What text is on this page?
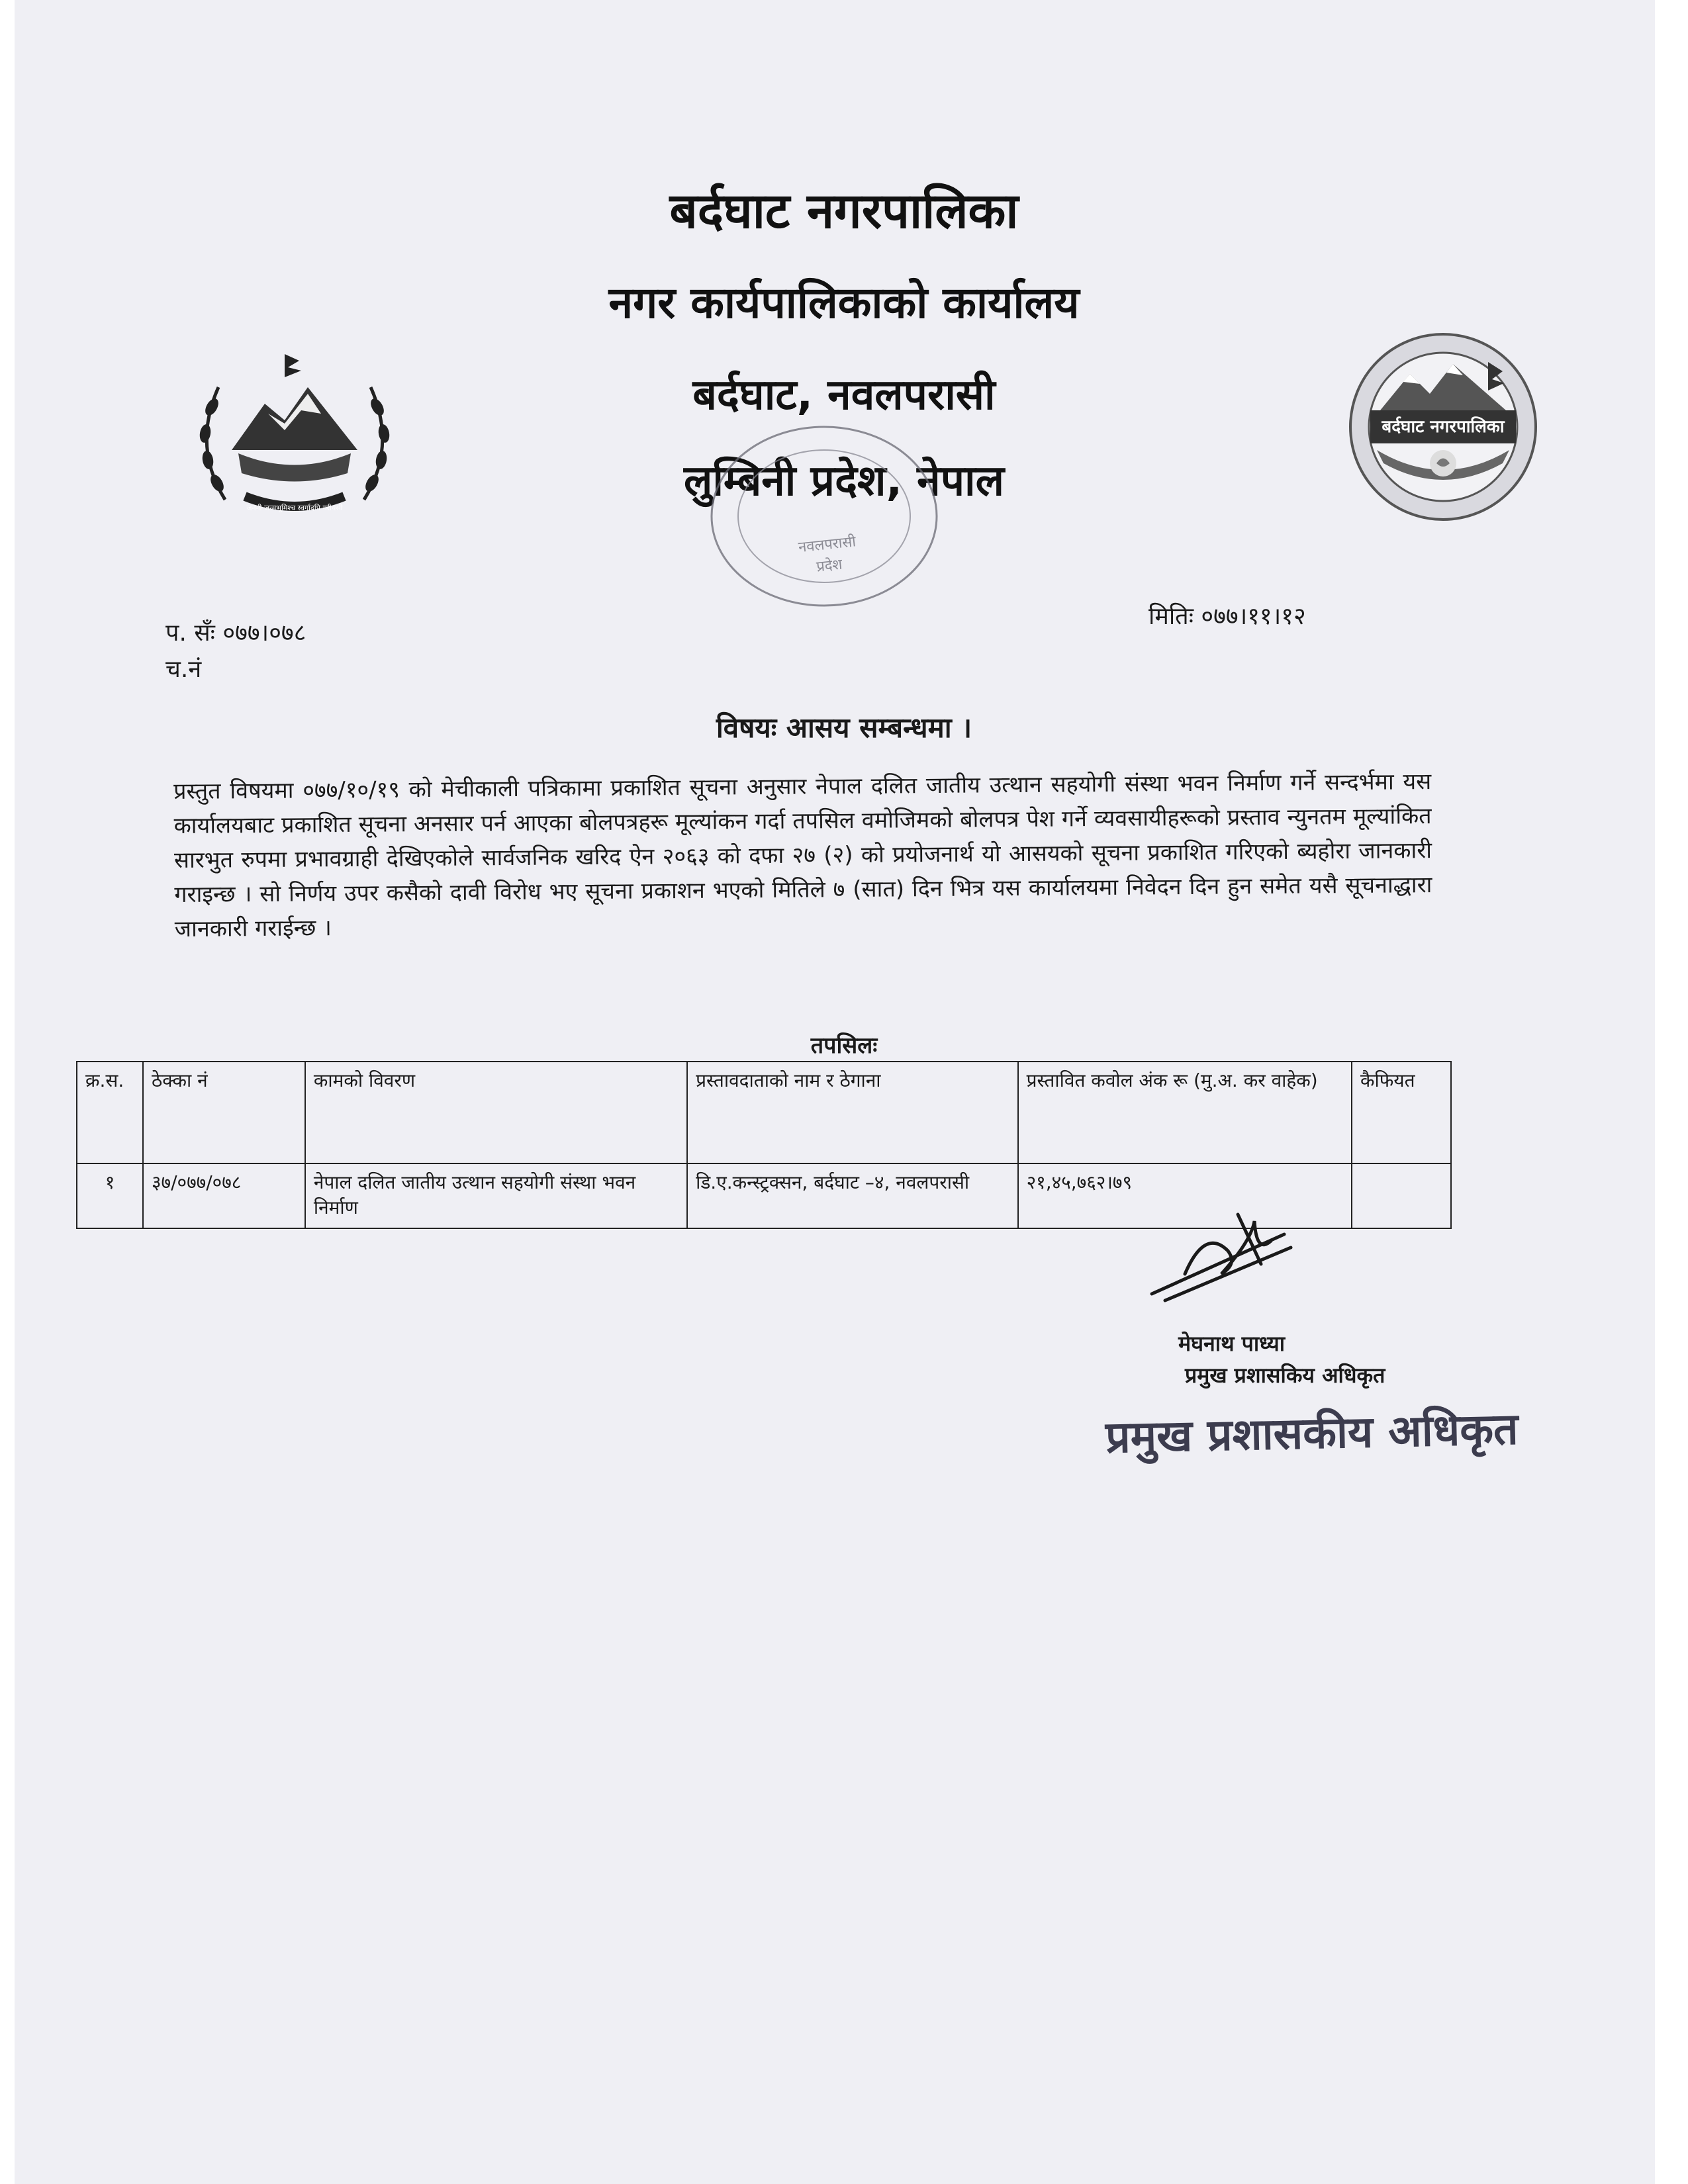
बर्दघाट नगरपालिका
नगर कार्यपालिकाको कार्यालय
बर्दघाट, नवलपरासी
लुम्बिनी प्रदेश, नेपाल
जननी जन्मभूमिश्च स्वर्गादपि गरीयसी
बर्दघाट नगरपालिका
नवलपरासी
प्रदेश
प. सँः ०७७।०७८
च.नं
मितिः ०७७।११।१२
विषयः आसय सम्बन्धमा ।

प्रस्तुत विषयमा ०७७/१०/१९ को मेचीकाली पत्रिकामा प्रकाशित सूचना अनुसार नेपाल दलित जातीय उत्थान सहयोगी संस्था भवन निर्माण गर्ने सन्दर्भमा यस कार्यालयबाट प्रकाशित सूचना अनसार पर्न आएका बोलपत्रहरू मूल्यांकन गर्दा तपसिल वमोजिमको बोलपत्र पेश गर्ने व्यवसायीहरूको प्रस्ताव न्युनतम मूल्यांकित सारभुत रुपमा प्रभावग्राही देखिएकोले सार्वजनिक खरिद ऐन २०६३ को दफा २७ (२) को प्रयोजनार्थ यो आसयको सूचना प्रकाशित गरिएको ब्यहोरा जानकारी गराइन्छ । सो निर्णय उपर कसैको दावी विरोध भए सूचना प्रकाशन भएको मितिले ७ (सात) दिन भित्र यस कार्यालयमा निवेदन दिन हुन समेत यसै सूचनाद्धारा जानकारी गराईन्छ ।

तपसिलः
क्र.स.	ठेक्का नं	कामको विवरण	प्रस्तावदाताको नाम र ठेगाना	प्रस्तावित कवोल अंक रू (मु.अ. कर वाहेक)	कैफियत
१	३७/०७७/०७८	नेपाल दलित जातीय उत्थान सहयोगी संस्था भवन निर्माण	डि.ए.कन्स्ट्रक्सन, बर्दघाट –४, नवलपरासी	२१,४५,७६२।७९	
मेघनाथ पाध्या
प्रमुख प्रशासकिय अधिकृत
प्रमुख प्रशासकीय अधिकृत
